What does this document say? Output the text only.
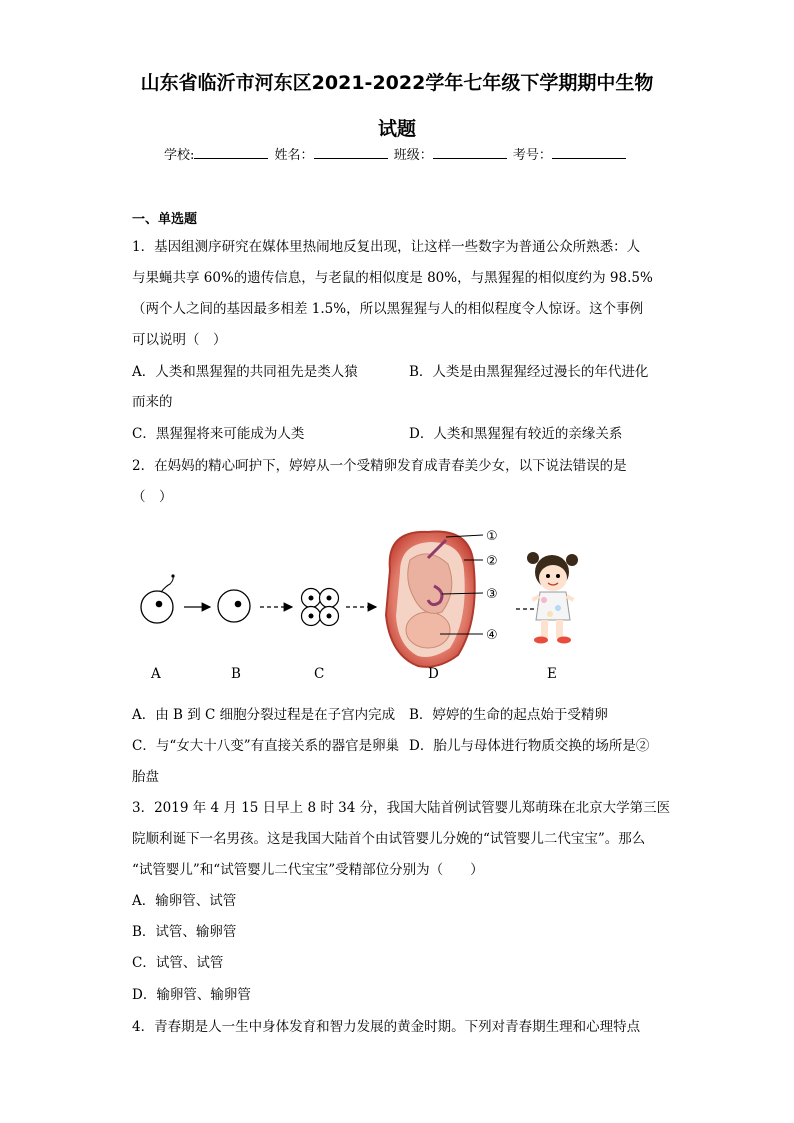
山东省临沂市河东区2021-2022学年七年级下学期期中生物
试题
学校:	姓名：	班级：	考号：
一、单选题
1．基因组测序研究在媒体里热闹地反复出现，让这样一些数字为普通公众所熟悉：人
与果蝇共享 60%的遗传信息，与老鼠的相似度是 80%，与黑猩猩的相似度约为 98.5%
（两个人之间的基因最多相差 1.5%，所以黑猩猩与人的相似程度令人惊讶。这个事例
可以说明（　）
A．人类和黑猩猩的共同祖先是类人猿	B．人类是由黑猩猩经过漫长的年代进化
而来的
C．黑猩猩将来可能成为人类	D．人类和黑猩猩有较近的亲缘关系
2．在妈妈的精心呵护下，婷婷从一个受精卵发育成青春美少女，以下说法错误的是
（　）
①
②
③
④
A	B	C	D	E
A．由 B 到 C 细胞分裂过程是在子宫内完成 B．婷婷的生命的起点始于受精卵
C．与“女大十八变”有直接关系的器官是卵巢 D．胎儿与母体进行物质交换的场所是②
胎盘
3．2019 年 4 月 15 日早上 8 时 34 分，我国大陆首例试管婴儿郑萌珠在北京大学第三医
院顺利诞下一名男孩。这是我国大陆首个由试管婴儿分娩的“试管婴儿二代宝宝”。那么
“试管婴儿”和“试管婴儿二代宝宝”受精部位分别为（　　）
A．输卵管、试管
B．试管、输卵管
C．试管、试管
D．输卵管、输卵管
4．青春期是人一生中身体发育和智力发展的黄金时期。下列对青春期生理和心理特点
